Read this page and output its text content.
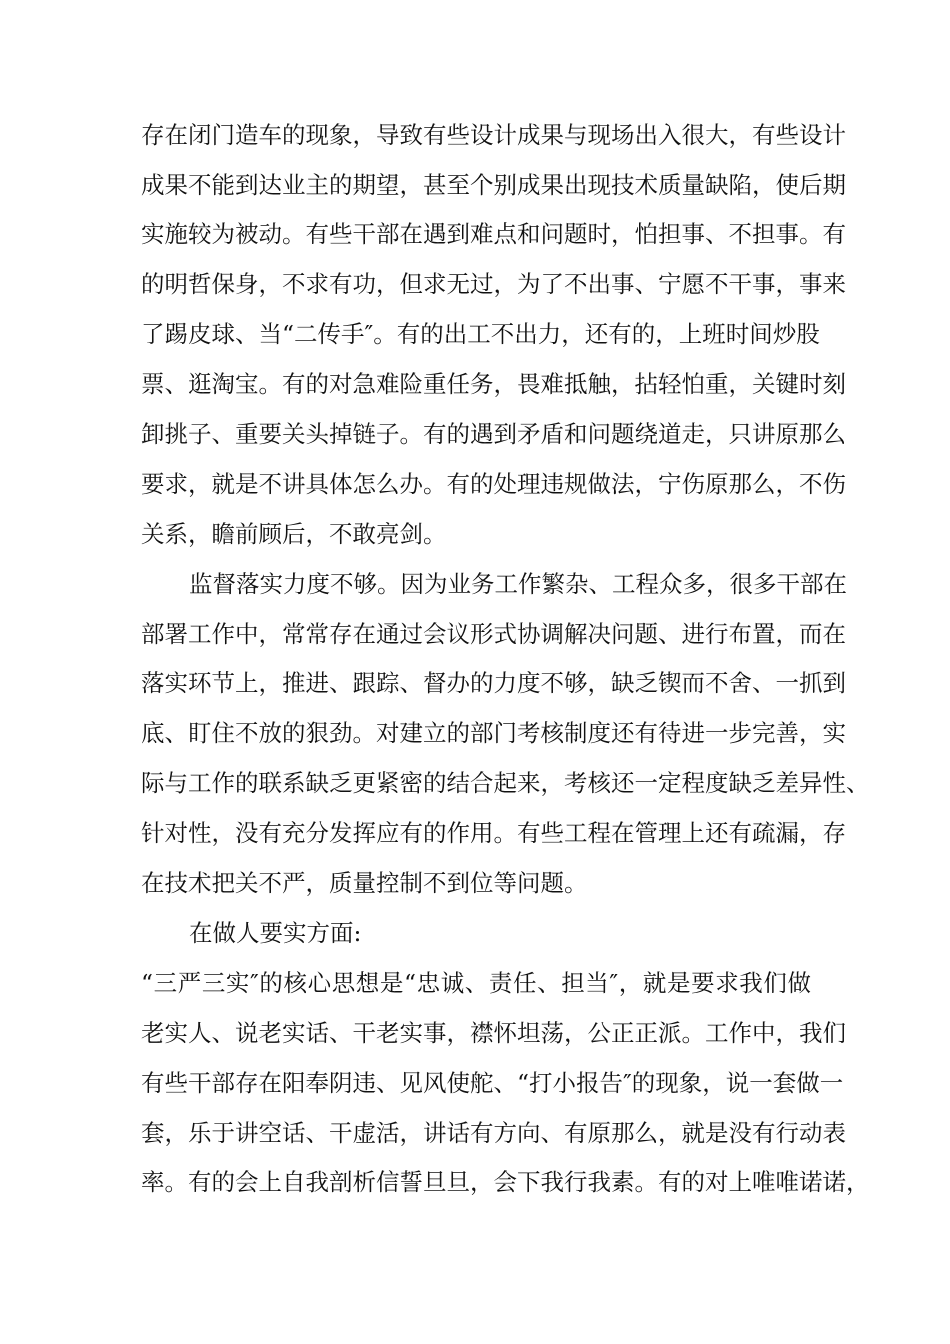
存在闭门造车的现象，导致有些设计成果与现场出入很大，有些设计
成果不能到达业主的期望，甚至个别成果出现技术质量缺陷，使后期
实施较为被动。有些干部在遇到难点和问题时，怕担事、不担事。有
的明哲保身，不求有功，但求无过，为了不出事、宁愿不干事，事来
了踢皮球、当“二传手″。有的出工不出力，还有的，上班时间炒股
票、逛淘宝。有的对急难险重任务，畏难抵触，拈轻怕重，关键时刻
卸挑子、重要关头掉链子。有的遇到矛盾和问题绕道走，只讲原那么
要求，就是不讲具体怎么办。有的处理违规做法，宁伤原那么，不伤
关系，瞻前顾后，不敢亮剑。
监督落实力度不够。因为业务工作繁杂、工程众多，很多干部在
部署工作中，常常存在通过会议形式协调解决问题、进行布置，而在
落实环节上，推进、跟踪、督办的力度不够，缺乏锲而不舍、一抓到
底、盯住不放的狠劲。对建立的部门考核制度还有待进一步完善，实
际与工作的联系缺乏更紧密的结合起来，考核还一定程度缺乏差异性、
针对性，没有充分发挥应有的作用。有些工程在管理上还有疏漏，存
在技术把关不严，质量控制不到位等问题。
在做人要实方面:
“三严三实″的核心思想是“忠诚、责任、担当″，就是要求我们做
老实人、说老实话、干老实事，襟怀坦荡，公正正派。工作中，我们
有些干部存在阳奉阴违、见风使舵、“打小报告″的现象，说一套做一
套，乐于讲空话、干虚活，讲话有方向、有原那么，就是没有行动表
率。有的会上自我剖析信誓旦旦，会下我行我素。有的对上唯唯诺诺，
